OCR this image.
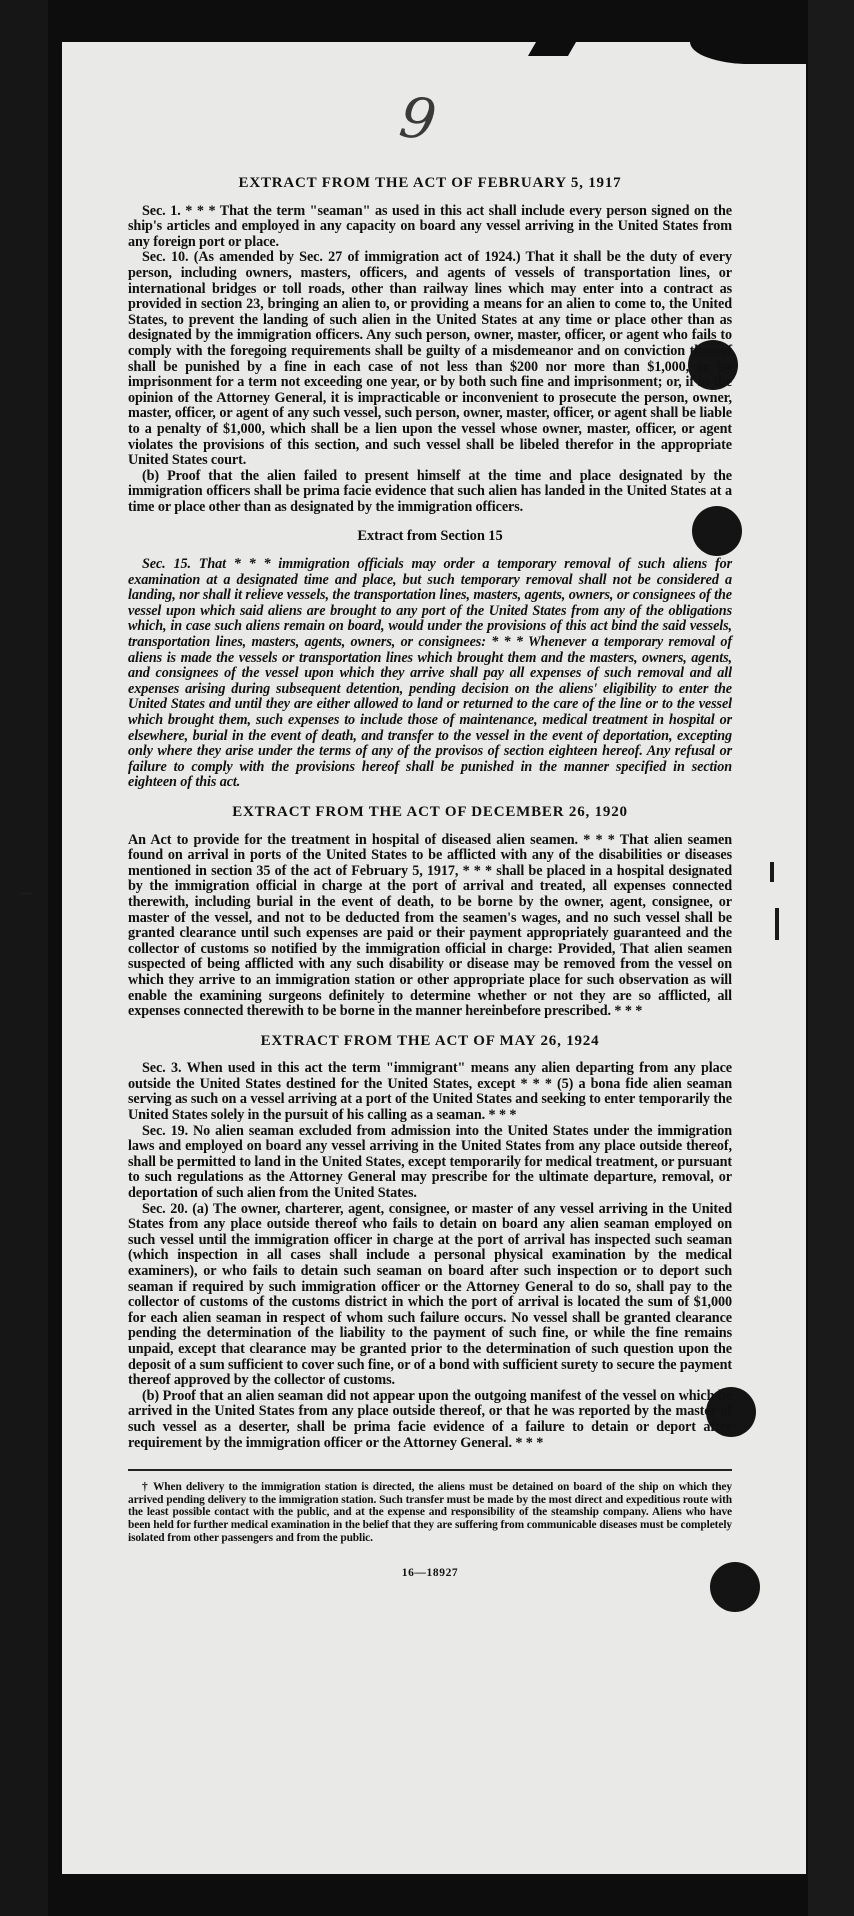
9
EXTRACT FROM THE ACT OF FEBRUARY 5, 1917

Sec. 1. * * * That the term "seaman" as used in this act shall include every person signed on the ship's articles and employed in any capacity on board any vessel arriving in the United States from any foreign port or place.

Sec. 10. (As amended by Sec. 27 of immigration act of 1924.) That it shall be the duty of every person, including owners, masters, officers, and agents of vessels of transportation lines, or international bridges or toll roads, other than railway lines which may enter into a contract as provided in section 23, bringing an alien to, or providing a means for an alien to come to, the United States, to prevent the landing of such alien in the United States at any time or place other than as designated by the immigration officers. Any such person, owner, master, officer, or agent who fails to comply with the foregoing requirements shall be guilty of a misdemeanor and on conviction thereof shall be punished by a fine in each case of not less than $200 nor more than $1,000, or by imprisonment for a term not exceeding one year, or by both such fine and imprisonment; or, if in the opinion of the Attorney General, it is impracticable or inconvenient to prosecute the person, owner, master, officer, or agent of any such vessel, such person, owner, master, officer, or agent shall be liable to a penalty of $1,000, which shall be a lien upon the vessel whose owner, master, officer, or agent violates the provisions of this section, and such vessel shall be libeled therefor in the appropriate United States court.

(b) Proof that the alien failed to present himself at the time and place designated by the immigration officers shall be prima facie evidence that such alien has landed in the United States at a time or place other than as designated by the immigration officers.

Extract from Section 15

Sec. 15. That * * * immigration officials may order a temporary removal of such aliens for examination at a designated time and place, but such temporary removal shall not be considered a landing, nor shall it relieve vessels, the transportation lines, masters, agents, owners, or consignees of the vessel upon which said aliens are brought to any port of the United States from any of the obligations which, in case such aliens remain on board, would under the provisions of this act bind the said vessels, transportation lines, masters, agents, owners, or consignees: * * * Whenever a temporary removal of aliens is made the vessels or transportation lines which brought them and the masters, owners, agents, and consignees of the vessel upon which they arrive shall pay all expenses of such removal and all expenses arising during subsequent detention, pending decision on the aliens' eligibility to enter the United States and until they are either allowed to land or returned to the care of the line or to the vessel which brought them, such expenses to include those of maintenance, medical treatment in hospital or elsewhere, burial in the event of death, and transfer to the vessel in the event of deportation, excepting only where they arise under the terms of any of the provisos of section eighteen hereof. Any refusal or failure to comply with the provisions hereof shall be punished in the manner specified in section eighteen of this act.

EXTRACT FROM THE ACT OF DECEMBER 26, 1920

An Act to provide for the treatment in hospital of diseased alien seamen. * * * That alien seamen found on arrival in ports of the United States to be afflicted with any of the disabilities or diseases mentioned in section 35 of the act of February 5, 1917, * * * shall be placed in a hospital designated by the immigration official in charge at the port of arrival and treated, all expenses connected therewith, including burial in the event of death, to be borne by the owner, agent, consignee, or master of the vessel, and not to be deducted from the seamen's wages, and no such vessel shall be granted clearance until such expenses are paid or their payment appropriately guaranteed and the collector of customs so notified by the immigration official in charge: Provided, That alien seamen suspected of being afflicted with any such disability or disease may be removed from the vessel on which they arrive to an immigration station or other appropriate place for such observation as will enable the examining surgeons definitely to determine whether or not they are so afflicted, all expenses connected therewith to be borne in the manner hereinbefore prescribed. * * *

EXTRACT FROM THE ACT OF MAY 26, 1924

Sec. 3. When used in this act the term "immigrant" means any alien departing from any place outside the United States destined for the United States, except * * * (5) a bona fide alien seaman serving as such on a vessel arriving at a port of the United States and seeking to enter temporarily the United States solely in the pursuit of his calling as a seaman. * * *

Sec. 19. No alien seaman excluded from admission into the United States under the immigration laws and employed on board any vessel arriving in the United States from any place outside thereof, shall be permitted to land in the United States, except temporarily for medical treatment, or pursuant to such regulations as the Attorney General may prescribe for the ultimate departure, removal, or deportation of such alien from the United States.

Sec. 20. (a) The owner, charterer, agent, consignee, or master of any vessel arriving in the United States from any place outside thereof who fails to detain on board any alien seaman employed on such vessel until the immigration officer in charge at the port of arrival has inspected such seaman (which inspection in all cases shall include a personal physical examination by the medical examiners), or who fails to detain such seaman on board after such inspection or to deport such seaman if required by such immigration officer or the Attorney General to do so, shall pay to the collector of customs of the customs district in which the port of arrival is located the sum of $1,000 for each alien seaman in respect of whom such failure occurs. No vessel shall be granted clearance pending the determination of the liability to the payment of such fine, or while the fine remains unpaid, except that clearance may be granted prior to the determination of such question upon the deposit of a sum sufficient to cover such fine, or of a bond with sufficient surety to secure the payment thereof approved by the collector of customs.

(b) Proof that an alien seaman did not appear upon the outgoing manifest of the vessel on which he arrived in the United States from any place outside thereof, or that he was reported by the master of such vessel as a deserter, shall be prima facie evidence of a failure to detain or deport after requirement by the immigration officer or the Attorney General. * * *

† When delivery to the immigration station is directed, the aliens must be detained on board of the ship on which they arrived pending delivery to the immigration station. Such transfer must be made by the most direct and expeditious route with the least possible contact with the public, and at the expense and responsibility of the steamship company. Aliens who have been held for further medical examination in the belief that they are suffering from communicable diseases must be completely isolated from other passengers and from the public.

16—18927
